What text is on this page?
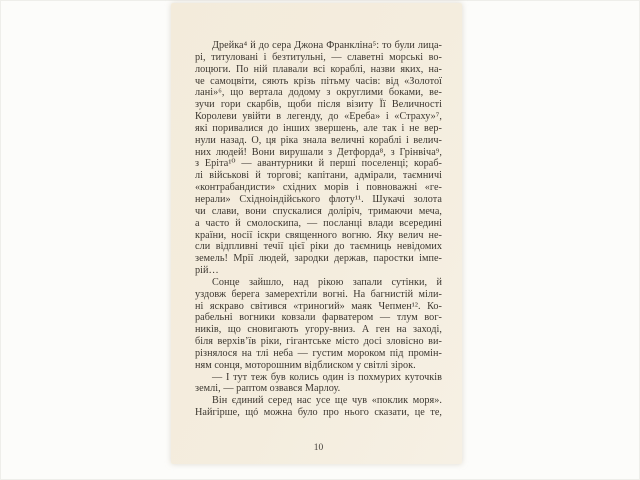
Дрейка⁴ й до сера Джона Франкліна⁵: то були лица-
рі, титуловані і безтитульні, — славетні морські во-
лоцюги. По ній плавали всі кораблі, назви яких, на-
че самоцвіти, сяють крізь пітьму часів: від «Золотої
лані»⁶, що вертала додому з округлими боками, ве-
зучи гори скарбів, щоби після візиту Її Величності
Королеви увійти в легенду, до «Ереба» і «Страху»⁷,
які поривалися до інших звершень, але так і не вер-
нули назад. О, ця ріка знала величні кораблі і велич-
них людей! Вони вирушали з Детфорда⁸, з Грінвіча⁹,
з Еріта¹⁰ — авантурники й перші поселенці; кораб-
лі військові й торгові; капітани, адмірали, таємничі
«контрабандисти» східних морів і повноважні «ге-
нерали» Східноіндійського флоту¹¹. Шукачі золота
чи слави, вони спускалися доліріч, тримаючи меча,
а часто й смолоскипа, — посланці влади всередині
країни, носії іскри священного вогню. Яку велич не-
сли відпливні течії цієї ріки до таємниць невідомих
земель! Мрії людей, зародки держав, паростки імпе-
рій…
Сонце зайшло, над рікою запали сутінки, й
уздовж берега замерехтіли вогні. На багнистій міли-
ні яскраво світився «триногий» маяк Чепмен¹². Ко-
рабельні вогники ковзали фарватером — тлум вог-
ників, що сновигають угору-вниз. А ген на заході,
біля верхів’їв ріки, гігантське місто досі зловісно ви-
різнялося на тлі неба — густим мороком під промін-
ням сонця, моторошним відблиском у світлі зірок.
— І тут теж був колись один із похмурих куточків
землі, — раптом озвався Марлоу.
Він єдиний серед нас усе ще чув «поклик моря».
Найгірше, щó можна було про нього сказати, це те,
10
